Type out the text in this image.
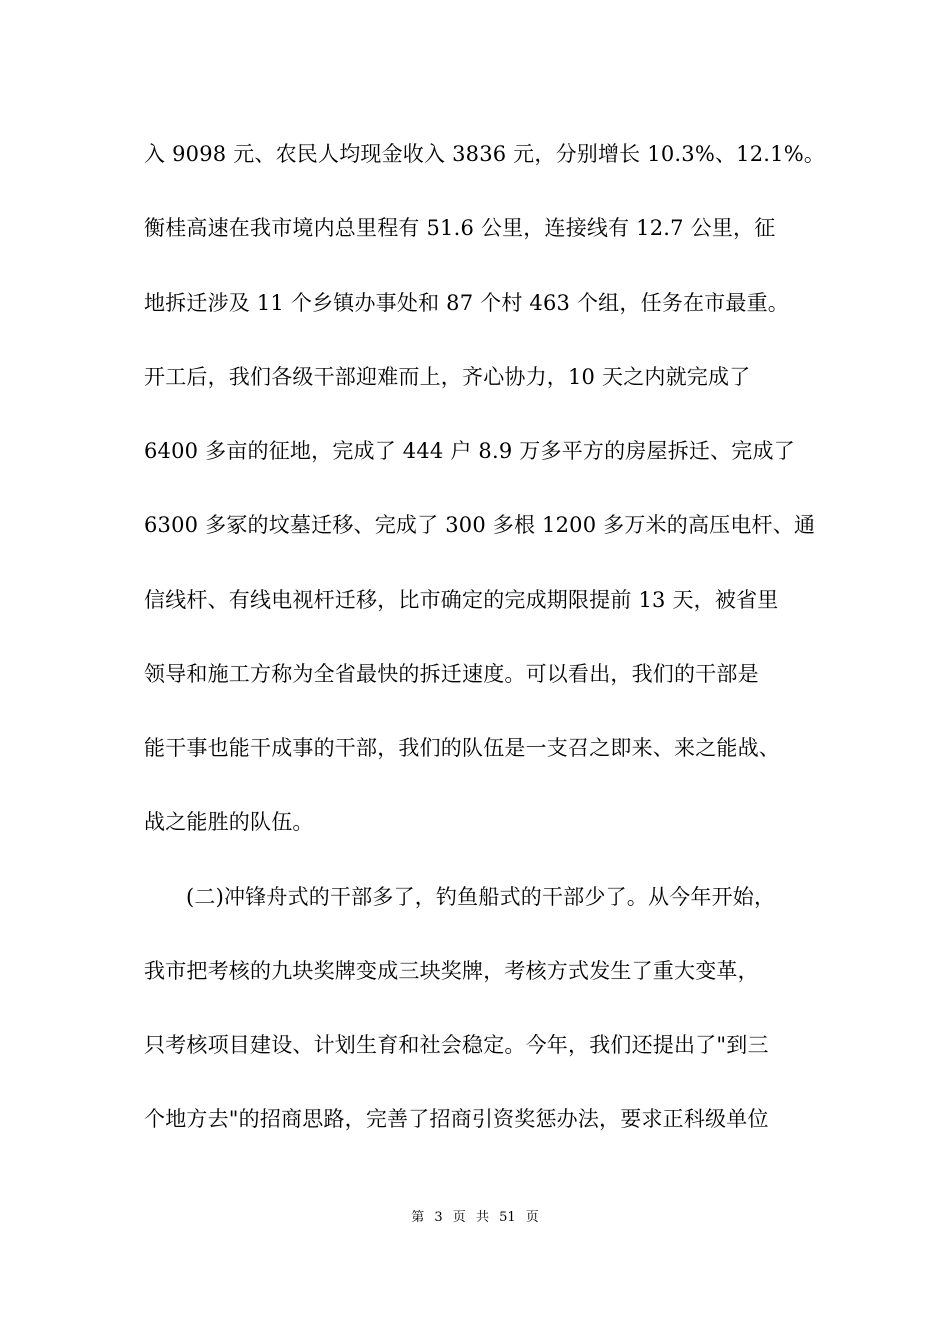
入 9098 元、农民人均现金收入 3836 元，分别增长 10.3%、12.1%。
衡桂高速在我市境内总里程有 51.6 公里，连接线有 12.7 公里，征
地拆迁涉及 11 个乡镇办事处和 87 个村 463 个组，任务在市最重。
开工后，我们各级干部迎难而上，齐心协力，10 天之内就完成了
6400 多亩的征地，完成了 444 户 8.9 万多平方的房屋拆迁、完成了
6300 多冢的坟墓迁移、完成了 300 多根 1200 多万米的高压电杆、通
信线杆、有线电视杆迁移，比市确定的完成期限提前 13 天，被省里
领导和施工方称为全省最快的拆迁速度。可以看出，我们的干部是
能干事也能干成事的干部，我们的队伍是一支召之即来、来之能战、
战之能胜的队伍。
(二)冲锋舟式的干部多了，钓鱼船式的干部少了。从今年开始，
我市把考核的九块奖牌变成三块奖牌，考核方式发生了重大变革，
只考核项目建设、计划生育和社会稳定。今年，我们还提出了"到三
个地方去"的招商思路，完善了招商引资奖惩办法，要求正科级单位
第 3 页 共 51 页
